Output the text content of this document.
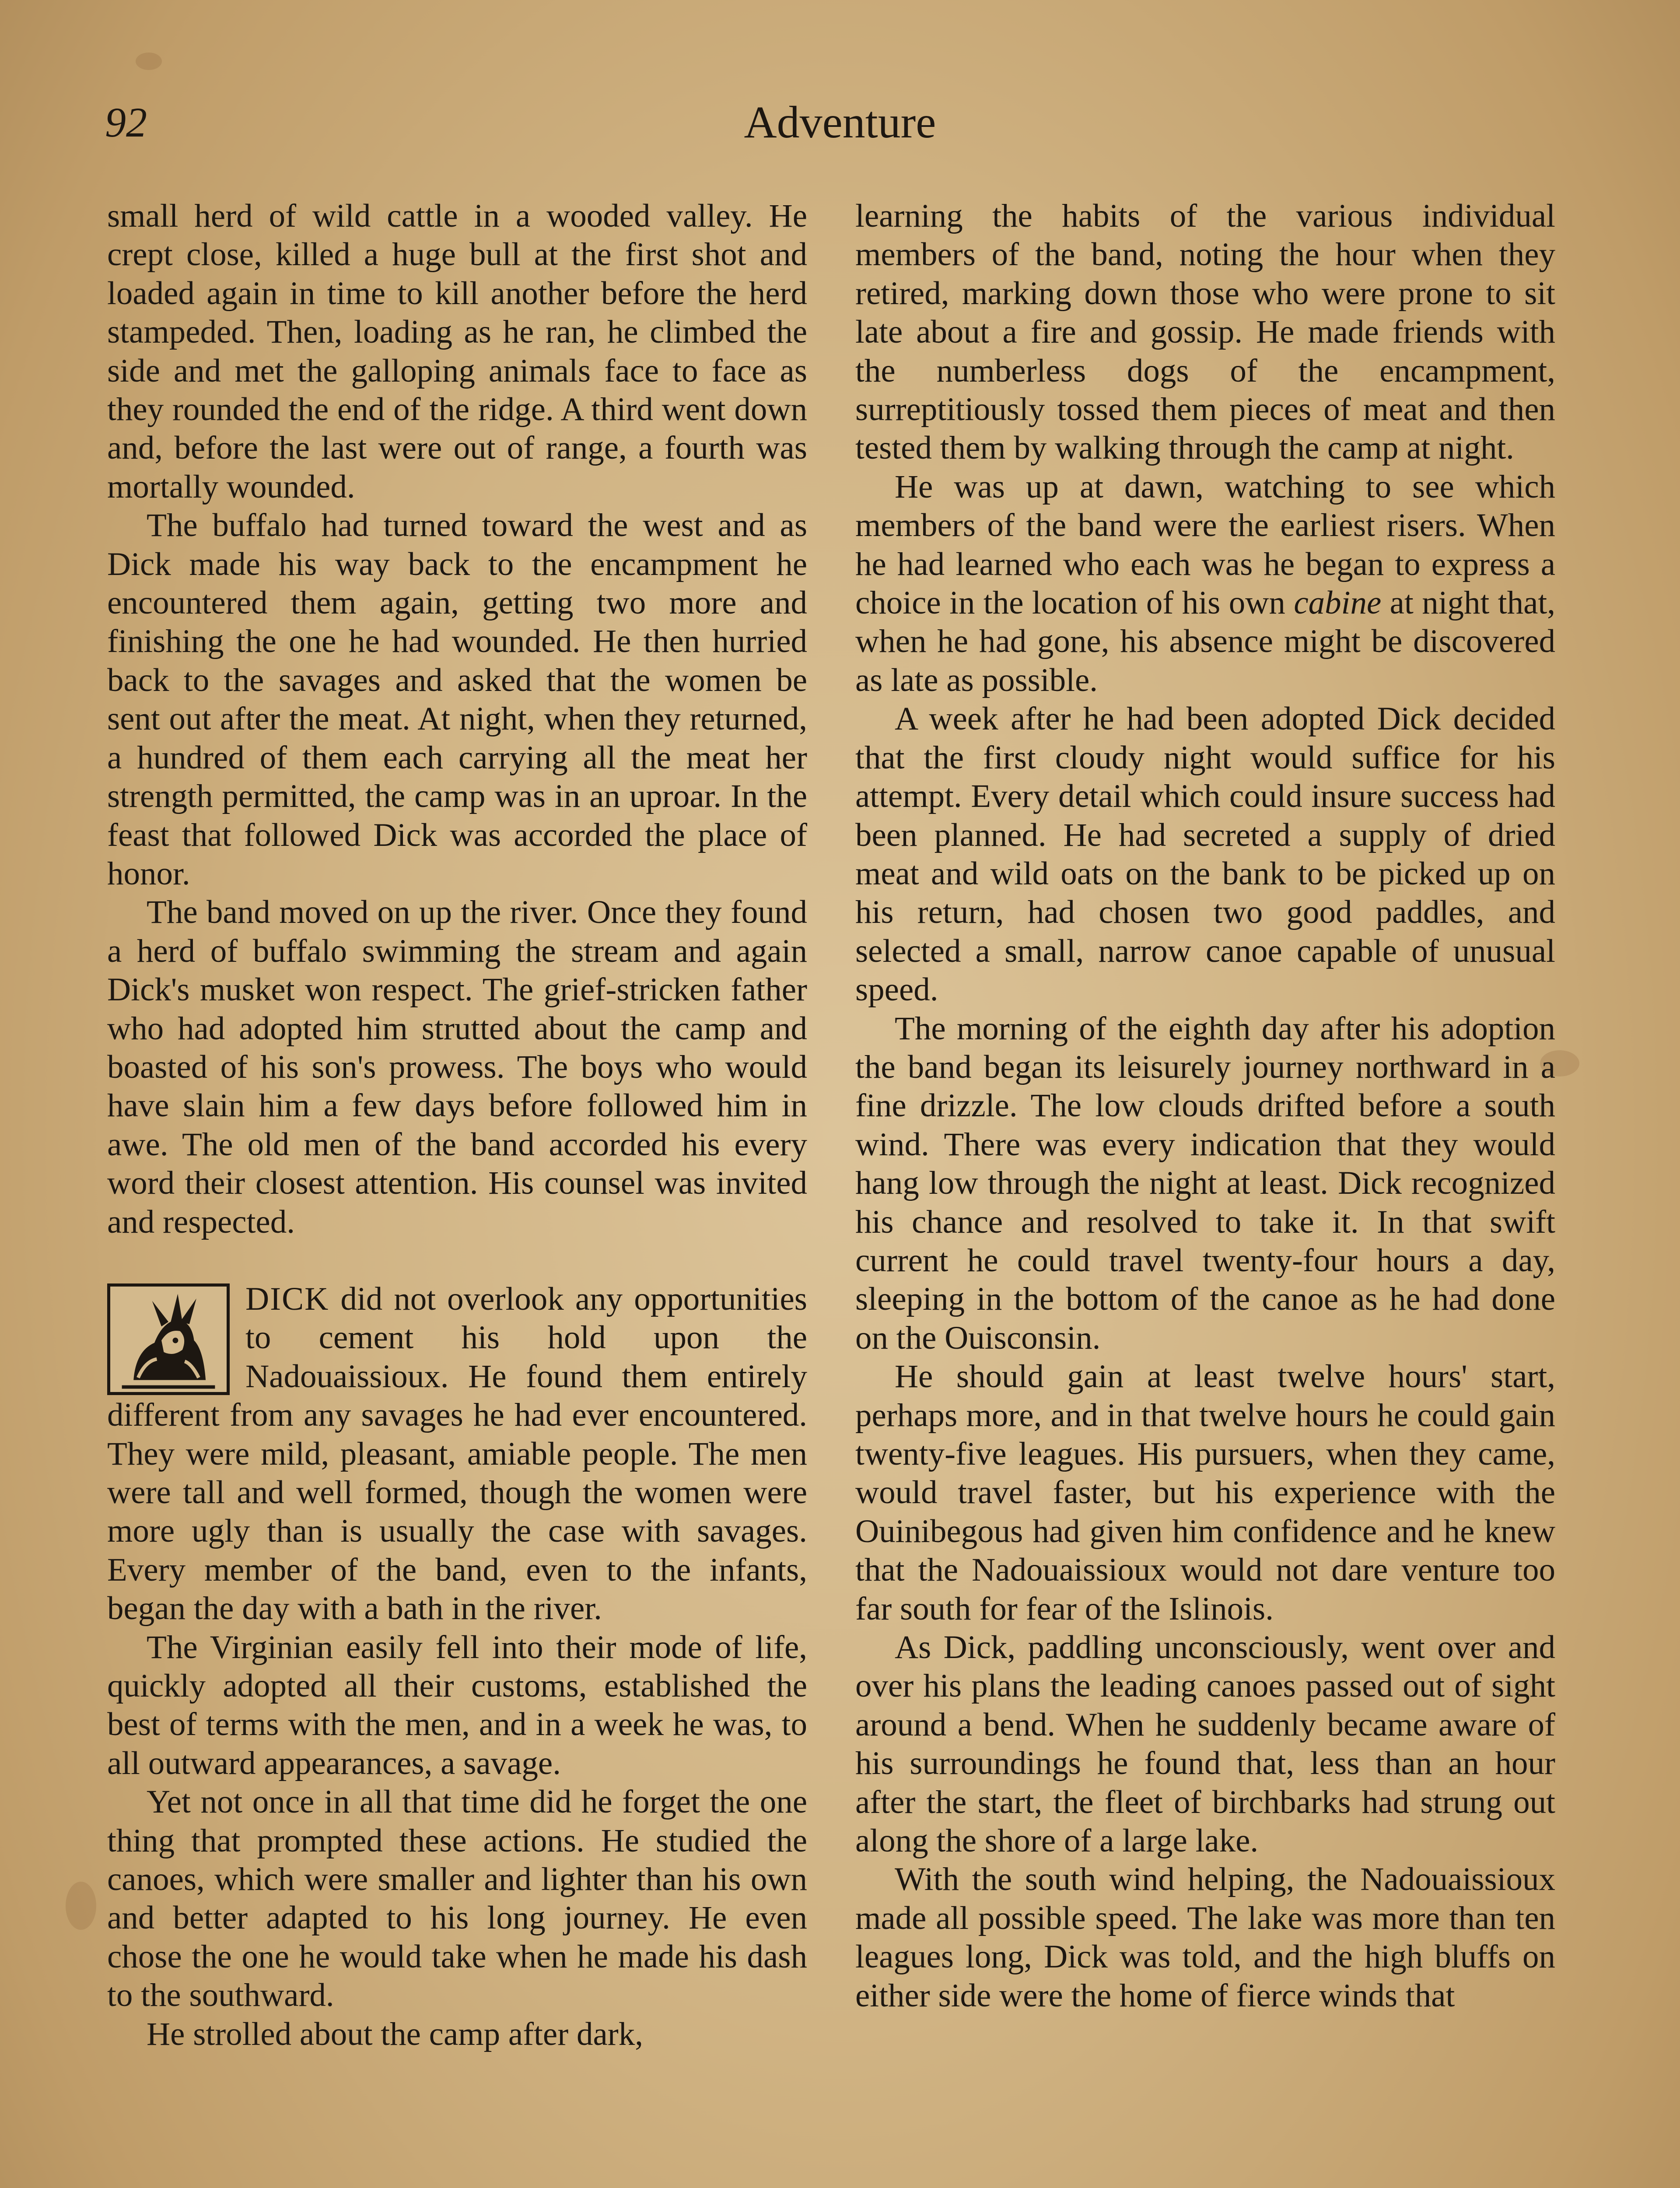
92	Adventure

small herd of wild cattle in a wooded valley. He crept close, killed a huge bull at the first shot and loaded again in time to kill another before the herd stampeded. Then, loading as he ran, he climbed the side and met the galloping animals face to face as they rounded the end of the ridge. A third went down and, before the last were out of range, a fourth was mortally wounded.

The buffalo had turned toward the west and as Dick made his way back to the encampment he encountered them again, getting two more and finishing the one he had wounded. He then hurried back to the savages and asked that the women be sent out after the meat. At night, when they returned, a hundred of them each carrying all the meat her strength permitted, the camp was in an uproar. In the feast that followed Dick was accorded the place of honor.

The band moved on up the river. Once they found a herd of buffalo swimming the stream and again Dick's musket won respect. The grief-stricken father who had adopted him strutted about the camp and boasted of his son's prowess. The boys who would have slain him a few days before followed him in awe. The old men of the band accorded his every word their closest attention. His counsel was invited and respected.

DICK did not overlook any opportunities to cement his hold upon the Nadouaissioux. He found them entirely different from any savages he had ever encountered. They were mild, pleasant, amiable people. The men were tall and well formed, though the women were more ugly than is usually the case with savages. Every member of the band, even to the infants, began the day with a bath in the river.

The Virginian easily fell into their mode of life, quickly adopted all their customs, established the best of terms with the men, and in a week he was, to all outward appearances, a savage.

Yet not once in all that time did he forget the one thing that prompted these actions. He studied the canoes, which were smaller and lighter than his own and better adapted to his long journey. He even chose the one he would take when he made his dash to the southward.

He strolled about the camp after dark,

learning the habits of the various individual members of the band, noting the hour when they retired, marking down those who were prone to sit late about a fire and gossip. He made friends with the numberless dogs of the encampment, surreptitiously tossed them pieces of meat and then tested them by walking through the camp at night.

He was up at dawn, watching to see which members of the band were the earliest risers. When he had learned who each was he began to express a choice in the location of his own cabine at night that, when he had gone, his absence might be discovered as late as possible.

A week after he had been adopted Dick decided that the first cloudy night would suffice for his attempt. Every detail which could insure success had been planned. He had secreted a supply of dried meat and wild oats on the bank to be picked up on his return, had chosen two good paddles, and selected a small, narrow canoe capable of unusual speed.

The morning of the eighth day after his adoption the band began its leisurely journey northward in a fine drizzle. The low clouds drifted before a south wind. There was every indication that they would hang low through the night at least. Dick recognized his chance and resolved to take it. In that swift current he could travel twenty-four hours a day, sleeping in the bottom of the canoe as he had done on the Ouisconsin.

He should gain at least twelve hours' start, perhaps more, and in that twelve hours he could gain twenty-five leagues. His pursuers, when they came, would travel faster, but his experience with the Ouinibegous had given him confidence and he knew that the Nadouaissioux would not dare venture too far south for fear of the Islinois.

As Dick, paddling unconsciously, went over and over his plans the leading canoes passed out of sight around a bend. When he suddenly became aware of his surroundings he found that, less than an hour after the start, the fleet of birchbarks had strung out along the shore of a large lake.

With the south wind helping, the Nadouaissioux made all possible speed. The lake was more than ten leagues long, Dick was told, and the high bluffs on either side were the home of fierce winds that
